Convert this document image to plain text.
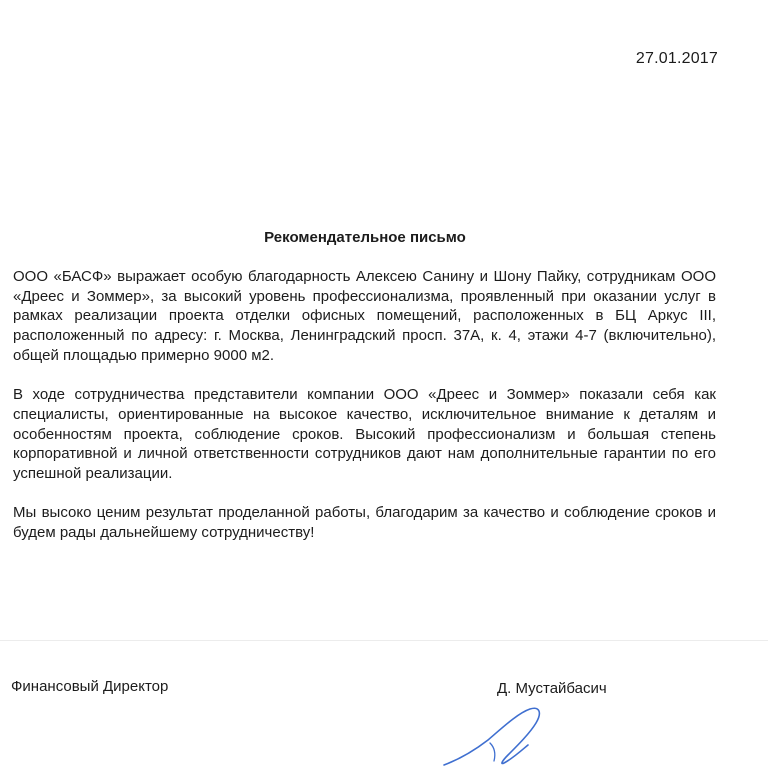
27.01.2017
Рекомендательное письмо

ООО «БАСФ» выражает особую благодарность Алексею Санину и Шону Пайку, сотрудникам ООО «Дреес и Зоммер», за высокий уровень профессионализма, проявленный при оказании услуг в рамках реализации проекта отделки офисных помещений, расположенных в БЦ Аркус III, расположенный по адресу: г. Москва, Ленинградский просп. 37А, к. 4, этажи 4-7 (включительно), общей площадью примерно 9000 м2.

В ходе сотрудничества представители компании ООО «Дреес и Зоммер» показали себя как специалисты, ориентированные на высокое качество, исключительное внимание к деталям и особенностям проекта, соблюдение сроков. Высокий профессионализм и большая степень корпоративной и личной ответственности сотрудников дают нам дополнительные гарантии по его успешной реализации.

Мы высоко ценим результат проделанной работы, благодарим за качество и соблюдение сроков и будем рады дальнейшему сотрудничеству!

Финансовый Директор	Д. Мустайбасич
